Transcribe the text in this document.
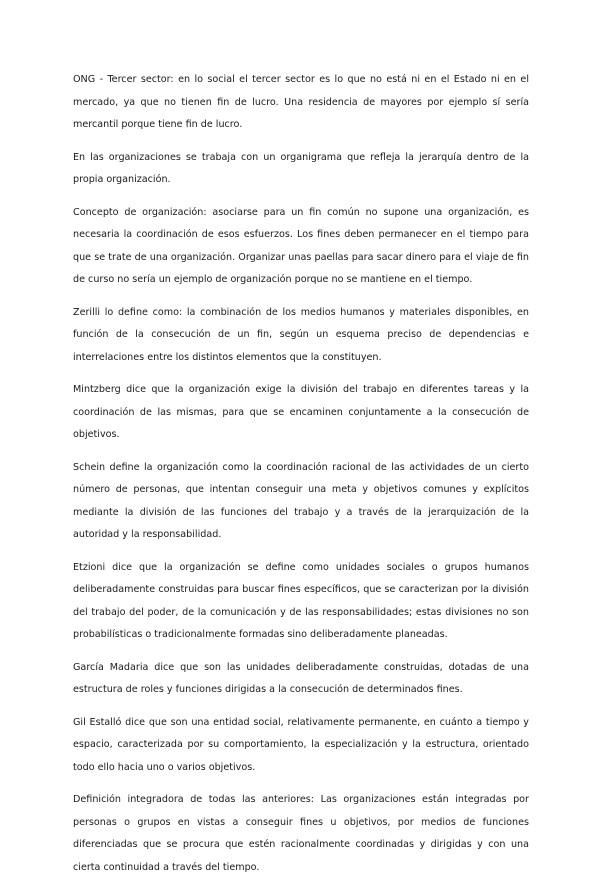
ONG - Tercer sector: en lo social el tercer sector es lo que no está ni en el Estado ni en el mercado, ya que no tienen fin de lucro. Una residencia de mayores por ejemplo sí sería mercantil porque tiene fin de lucro.

En las organizaciones se trabaja con un organigrama que refleja la jerarquía dentro de la propia organización.

Concepto de organización: asociarse para un fin común no supone una organización, es necesaria la coordinación de esos esfuerzos. Los fines deben permanecer en el tiempo para que se trate de una organización. Organizar unas paellas para sacar dinero para el viaje de fin de curso no sería un ejemplo de organización porque no se mantiene en el tiempo.

Zerilli lo define como: la combinación de los medios humanos y materiales disponibles, en función de la consecución de un fin, según un esquema preciso de dependencias e interrelaciones entre los distintos elementos que la constituyen.

Mintzberg dice que la organización exige la división del trabajo en diferentes tareas y la coordinación de las mismas, para que se encaminen conjuntamente a la consecución de objetivos.

Schein define la organización como la coordinación racional de las actividades de un cierto número de personas, que intentan conseguir una meta y objetivos comunes y explícitos mediante la división de las funciones del trabajo y a través de la jerarquización de la autoridad y la responsabilidad.

Etzioni dice que la organización se define como unidades sociales o grupos humanos deliberadamente construidas para buscar fines específicos, que se caracterizan por la división del trabajo del poder, de la comunicación y de las responsabilidades; estas divisiones no son probabilísticas o tradicionalmente formadas sino deliberadamente planeadas.

García Madaria dice que son las unidades deliberadamente construidas, dotadas de una estructura de roles y funciones dirigidas a la consecución de determinados fines.

Gil Estalló dice que son una entidad social, relativamente permanente, en cuánto a tiempo y espacio, caracterizada por su comportamiento, la especialización y la estructura, orientado todo ello hacia uno o varios objetivos.

Definición integradora de todas las anteriores: Las organizaciones están integradas por personas o grupos en vistas a conseguir fines u objetivos, por medios de funciones diferenciadas que se procura que estén racionalmente coordinadas y dirigidas y con una cierta continuidad a través del tiempo.
